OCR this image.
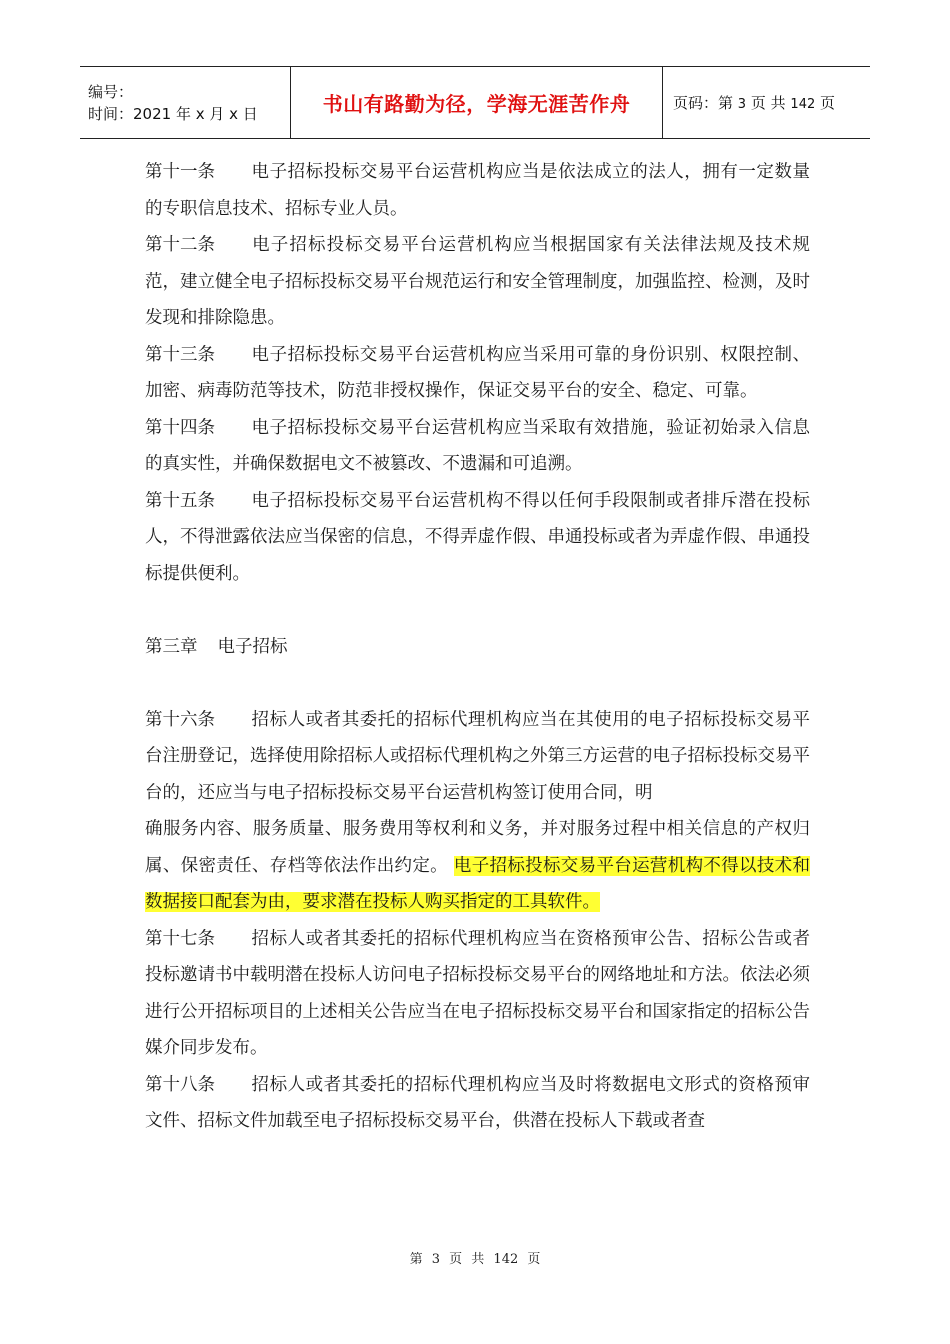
编号：
时间：2021 年 x 月 x 日	书山有路勤为径，学海无涯苦作舟	页码：第 3 页 共 142 页

第十一条 电子招标投标交易平台运营机构应当是依法成立的法人，拥有一定数量的专职信息技术、招标专业人员。

第十二条 电子招标投标交易平台运营机构应当根据国家有关法律法规及技术规范，建立健全电子招标投标交易平台规范运行和安全管理制度，加强监控、检测，及时发现和排除隐患。

第十三条 电子招标投标交易平台运营机构应当采用可靠的身份识别、权限控制、加密、病毒防范等技术，防范非授权操作，保证交易平台的安全、稳定、可靠。

第十四条 电子招标投标交易平台运营机构应当采取有效措施，验证初始录入信息的真实性，并确保数据电文不被篡改、不遗漏和可追溯。

第十五条 电子招标投标交易平台运营机构不得以任何手段限制或者排斥潜在投标人，不得泄露依法应当保密的信息，不得弄虚作假、串通投标或者为弄虚作假、串通投标提供便利。

第三章 电子招标

第十六条 招标人或者其委托的招标代理机构应当在其使用的电子招标投标交易平台注册登记，选择使用除招标人或招标代理机构之外第三方运营的电子招标投标交易平台的，还应当与电子招标投标交易平台运营机构签订使用合同，明

确服务内容、服务质量、服务费用等权利和义务，并对服务过程中相关信息的产权归属、保密责任、存档等依法作出约定。 电子招标投标交易平台运营机构不得以技术和数据接口配套为由，要求潜在投标人购买指定的工具软件。

第十七条 招标人或者其委托的招标代理机构应当在资格预审公告、招标公告或者投标邀请书中载明潜在投标人访问电子招标投标交易平台的网络地址和方法。依法必须进行公开招标项目的上述相关公告应当在电子招标投标交易平台和国家指定的招标公告媒介同步发布。

第十八条 招标人或者其委托的招标代理机构应当及时将数据电文形式的资格预审文件、招标文件加载至电子招标投标交易平台，供潜在投标人下载或者查

第 3 页 共 142 页
